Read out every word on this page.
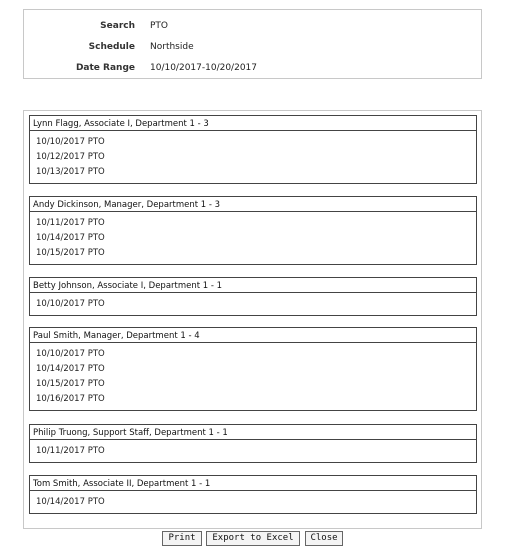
Search PTO
Schedule Northside
Date Range 10/10/2017-10/20/2017
Lynn Flagg, Associate I, Department 1 - 3
10/10/2017 PTO
10/12/2017 PTO
10/13/2017 PTO
Andy Dickinson, Manager, Department 1 - 3
10/11/2017 PTO
10/14/2017 PTO
10/15/2017 PTO
Betty Johnson, Associate I, Department 1 - 1
10/10/2017 PTO
Paul Smith, Manager, Department 1 - 4
10/10/2017 PTO
10/14/2017 PTO
10/15/2017 PTO
10/16/2017 PTO
Philip Truong, Support Staff, Department 1 - 1
10/11/2017 PTO
Tom Smith, Associate II, Department 1 - 1
10/14/2017 PTO
Print	Export to Excel	Close
